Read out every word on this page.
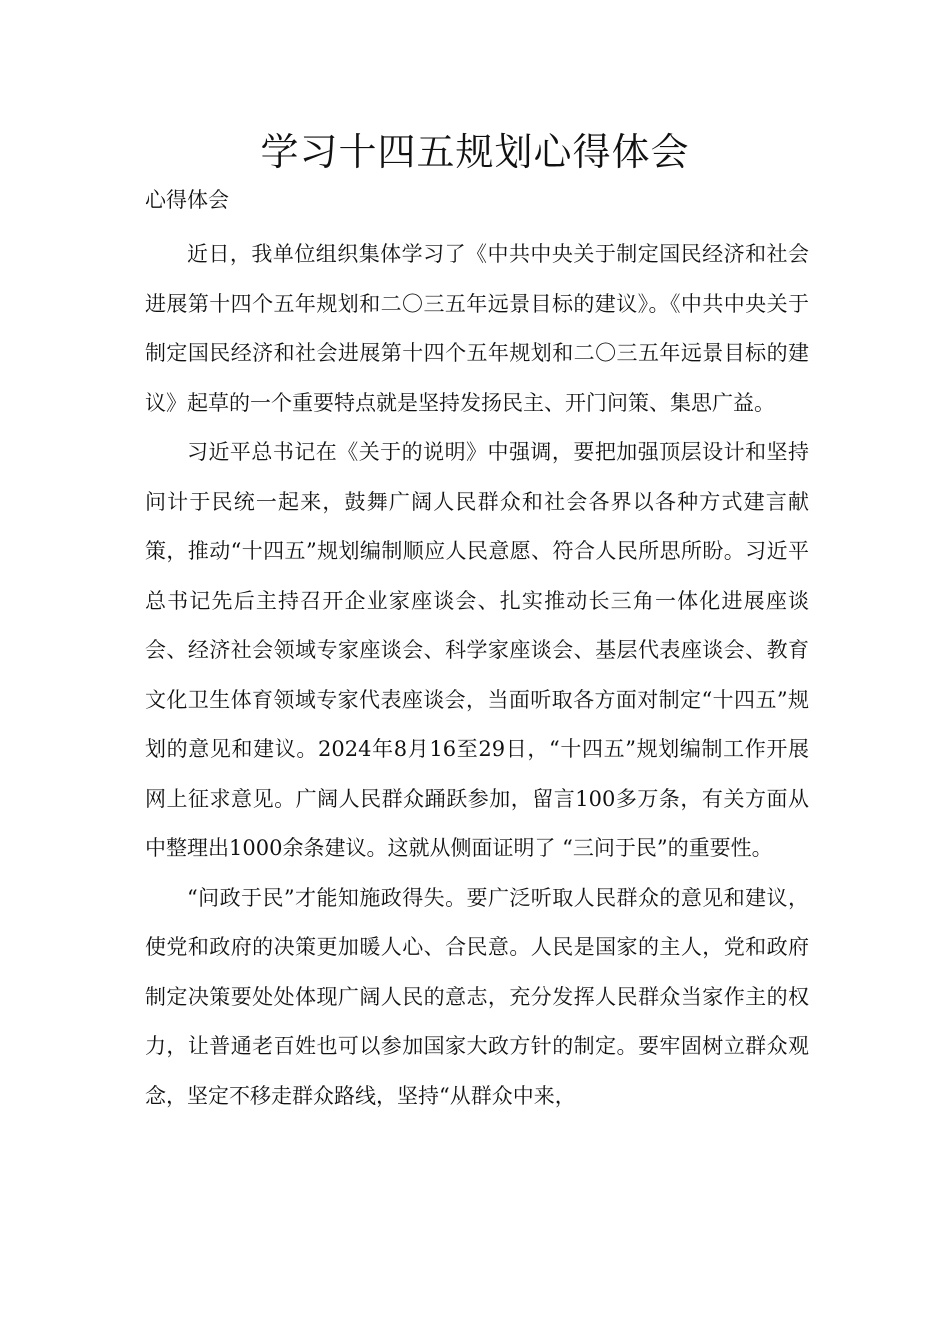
学习十四五规划心得体会
心得体会

近日，我单位组织集体学习了《中共中央关于制定国民经济和社会进展第十四个五年规划和二〇三五年远景目标的建议》。《中共中央关于制定国民经济和社会进展第十四个五年规划和二〇三五年远景目标的建议》起草的一个重要特点就是坚持发扬民主、开门问策、集思广益。

习近平总书记在《关于的说明》中强调，要把加强顶层设计和坚持问计于民统一起来，鼓舞广阔人民群众和社会各界以各种方式建言献策，推动“十四五”规划编制顺应人民意愿、符合人民所思所盼。习近平总书记先后主持召开企业家座谈会、扎实推动长三角一体化进展座谈会、经济社会领域专家座谈会、科学家座谈会、基层代表座谈会、教育文化卫生体育领域专家代表座谈会，当面听取各方面对制定“十四五”规划的意见和建议。2024年8月16至29日，“十四五”规划编制工作开展网上征求意见。广阔人民群众踊跃参加，留言100多万条，有关方面从中整理出1000余条建议。这就从侧面证明了 “三问于民”的重要性。

“问政于民”才能知施政得失。要广泛听取人民群众的意见和建议，使党和政府的决策更加暖人心、合民意。人民是国家的主人，党和政府制定决策要处处体现广阔人民的意志，充分发挥人民群众当家作主的权力，让普通老百姓也可以参加国家大政方针的制定。要牢固树立群众观念，坚定不移走群众路线，坚持“从群众中来，
